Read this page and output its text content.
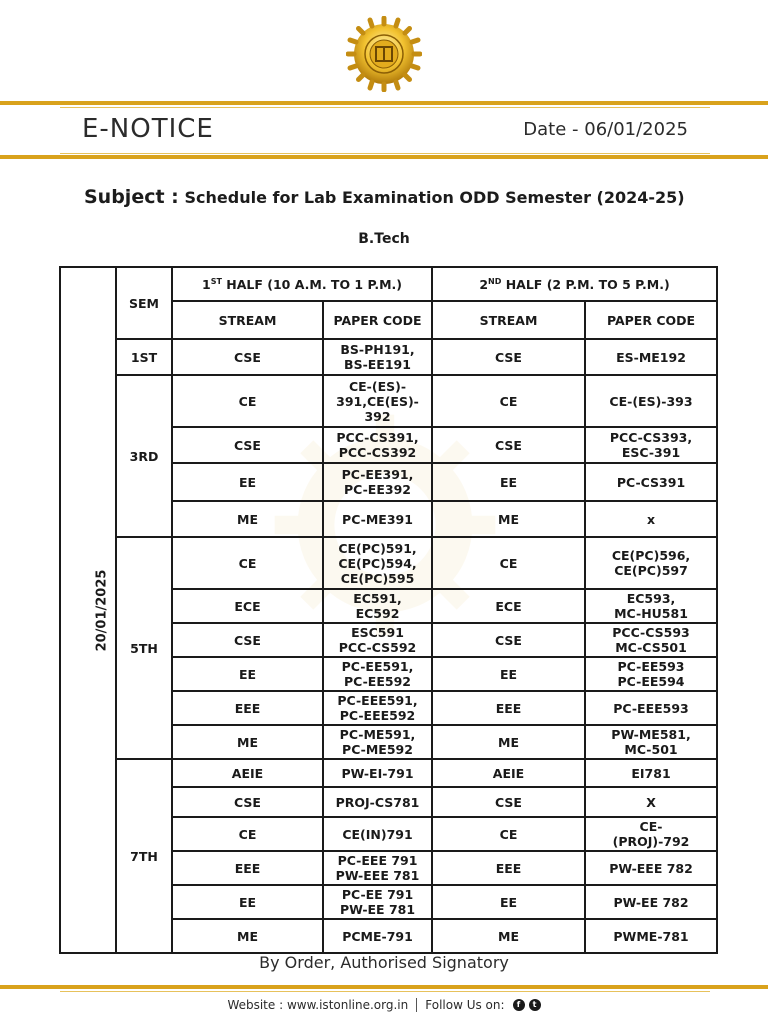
E-NOTICE	Date - 06/01/2025
Subject : Schedule for Lab Examination ODD Semester (2024-25)
B.Tech
20/01/2025	SEM	1ST HALF (10 A.M. TO 1 P.M.)		2ND HALF (2 P.M. TO 5 P.M.)	
		STREAM	PAPER CODE	STREAM	PAPER CODE
	1ST	CSE	BS-PH191,
BS-EE191	CSE	ES-ME192
	3RD	CE	CE-(ES)-
391,CE(ES)-
392	CE	CE-(ES)-393
		CSE	PCC-CS391,
PCC-CS392	CSE	PCC-CS393,
ESC-391
		EE	PC-EE391,
PC-EE392	EE	PC-CS391
		ME	PC-ME391	ME	x
	5TH	CE	CE(PC)591,
CE(PC)594,
CE(PC)595	CE	CE(PC)596,
CE(PC)597
		ECE	EC591,
EC592	ECE	EC593,
MC-HU581
		CSE	ESC591
PCC-CS592	CSE	PCC-CS593
MC-CS501
		EE	PC-EE591,
PC-EE592	EE	PC-EE593
PC-EE594
		EEE	PC-EEE591,
PC-EEE592	EEE	PC-EEE593
		ME	PC-ME591,
PC-ME592	ME	PW-ME581,
MC-501
	7TH	AEIE	PW-EI-791	AEIE	EI781
		CSE	PROJ-CS781	CSE	X
		CE	CE(IN)791	CE	CE-
(PROJ)-792
		EEE	PC-EEE 791
PW-EEE 781	EEE	PW-EEE 782
		EE	PC-EE 791
PW-EE 781	EE	PW-EE 782
		ME	PCME-791	ME	PWME-781
By Order, Authorised Signatory
Website : www.istonline.org.in Follow Us on:	f	t
